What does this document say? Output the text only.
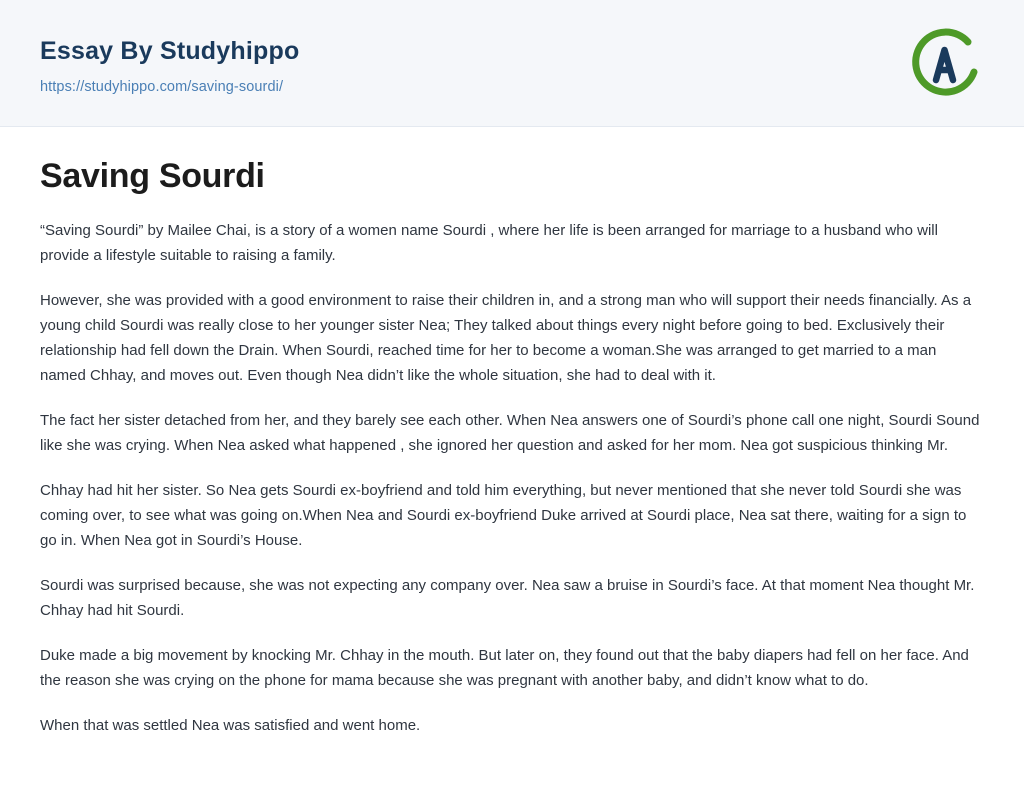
Essay By Studyhippo
https://studyhippo.com/saving-sourdi/
Saving Sourdi

“Saving Sourdi” by Mailee Chai, is a story of a women name Sourdi , where her life is been arranged for marriage to a husband who will provide a lifestyle suitable to raising a family.

However, she was provided with a good environment to raise their children in, and a strong man who will support their needs financially. As a young child Sourdi was really close to her younger sister Nea; They talked about things every night before going to bed. Exclusively their relationship had fell down the Drain. When Sourdi, reached time for her to become a woman.She was arranged to get married to a man named Chhay, and moves out. Even though Nea didn’t like the whole situation, she had to deal with it.

The fact her sister detached from her, and they barely see each other. When Nea answers one of Sourdi’s phone call one night, Sourdi Sound like she was crying. When Nea asked what happened , she ignored her question and asked for her mom. Nea got suspicious thinking Mr.

Chhay had hit her sister. So Nea gets Sourdi ex-boyfriend and told him everything, but never mentioned that she never told Sourdi she was coming over, to see what was going on.When Nea and Sourdi ex-boyfriend Duke arrived at Sourdi place, Nea sat there, waiting for a sign to go in. When Nea got in Sourdi’s House.

Sourdi was surprised because, she was not expecting any company over. Nea saw a bruise in Sourdi’s face. At that moment Nea thought Mr. Chhay had hit Sourdi.

Duke made a big movement by knocking Mr. Chhay in the mouth. But later on, they found out that the baby diapers had fell on her face. And the reason she was crying on the phone for mama because she was pregnant with another baby, and didn’t know what to do.

When that was settled Nea was satisfied and went home.
